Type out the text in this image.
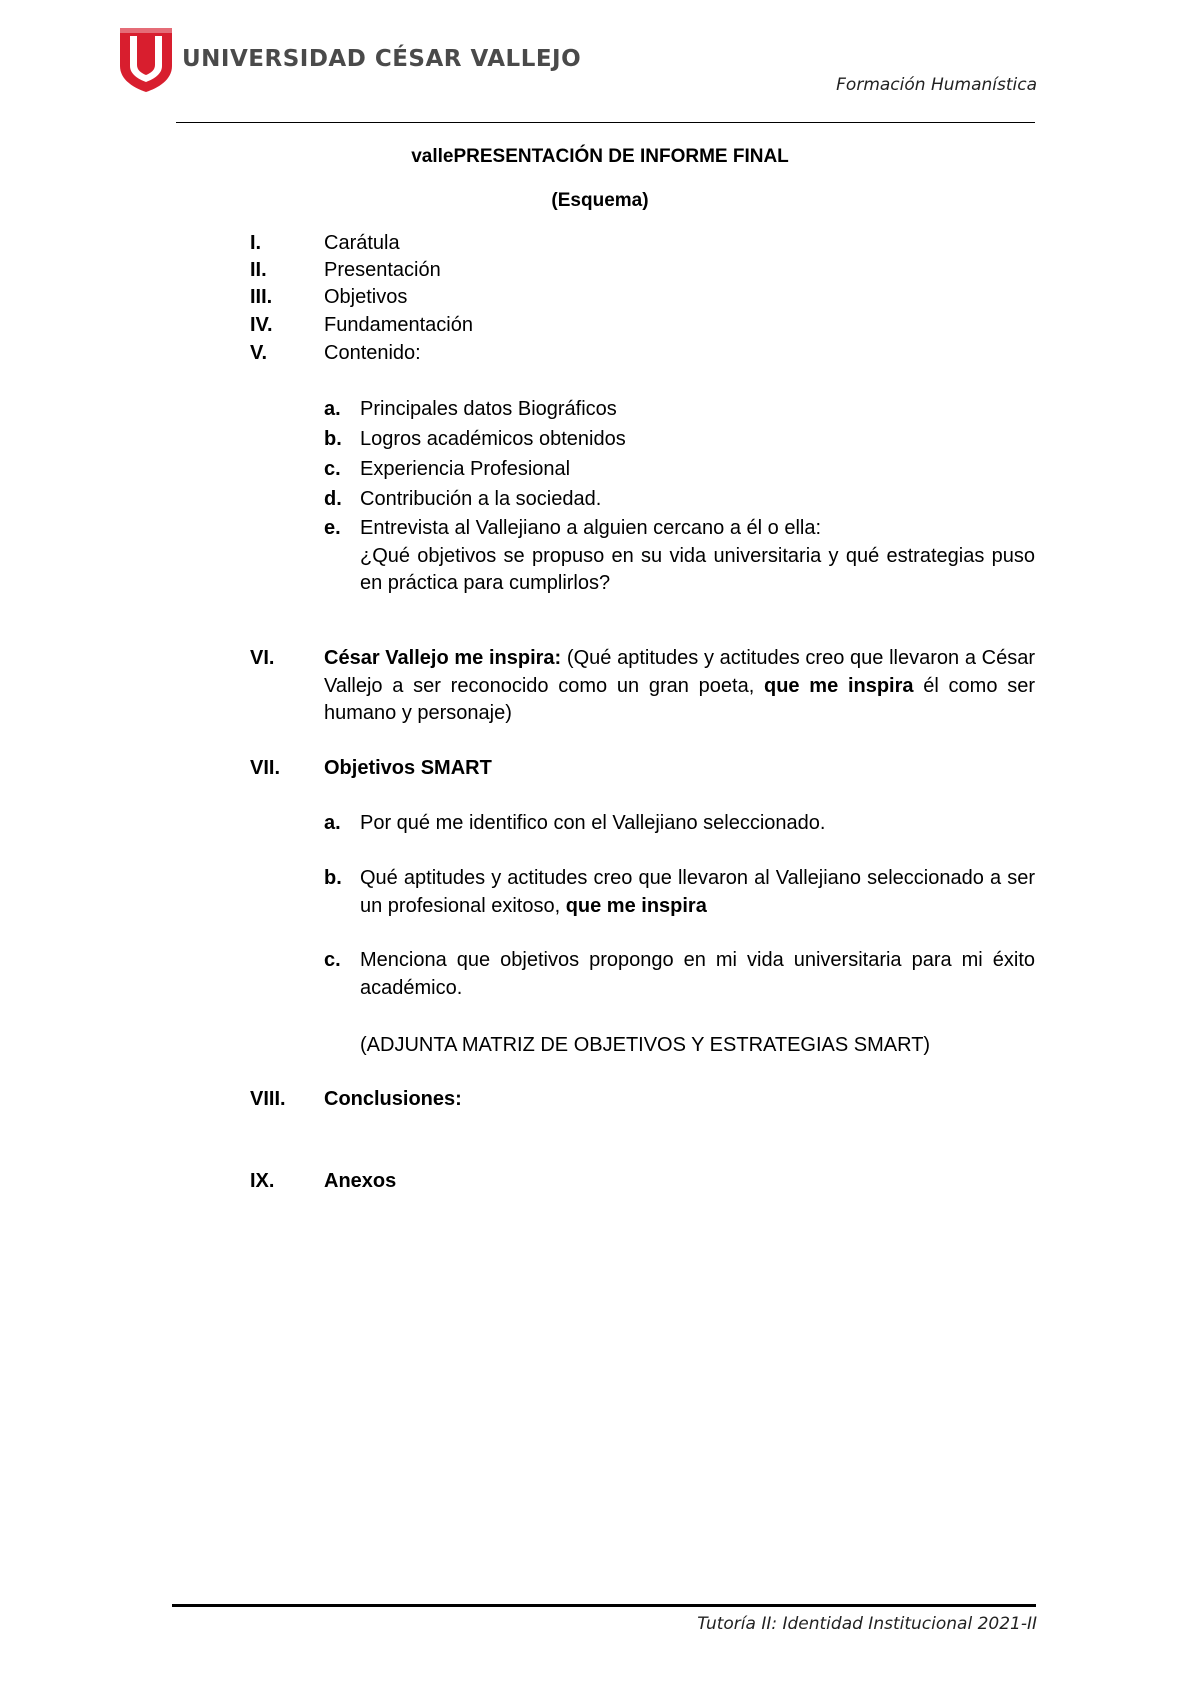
UNIVERSIDAD CÉSAR VALLEJO
Formación Humanística
vallePRESENTACIÓN DE INFORME FINAL
(Esquema)
I.	Carátula
II.	Presentación
III.	Objetivos
IV.	Fundamentación
V.	Contenido:
a. Principales datos Biográficos
b. Logros académicos obtenidos
c. Experiencia Profesional
d. Contribución a la sociedad.
e. Entrevista al Vallejiano a alguien cercano a él o ella:
¿Qué objetivos se propuso en su vida universitaria y qué estrategias puso en práctica para cumplirlos?
VI. César Vallejo me inspira: (Qué aptitudes y actitudes creo que llevaron a César Vallejo a ser reconocido como un gran poeta, que me inspira él como ser humano y personaje)
VII. Objetivos SMART
a. Por qué me identifico con el Vallejiano seleccionado.
b. Qué aptitudes y actitudes creo que llevaron al Vallejiano seleccionado a ser un profesional exitoso, que me inspira
c. Menciona que objetivos propongo en mi vida universitaria para mi éxito académico.
(ADJUNTA MATRIZ DE OBJETIVOS Y ESTRATEGIAS SMART)
VIII. Conclusiones:
IX. Anexos
Tutoría II: Identidad Institucional 2021-II
